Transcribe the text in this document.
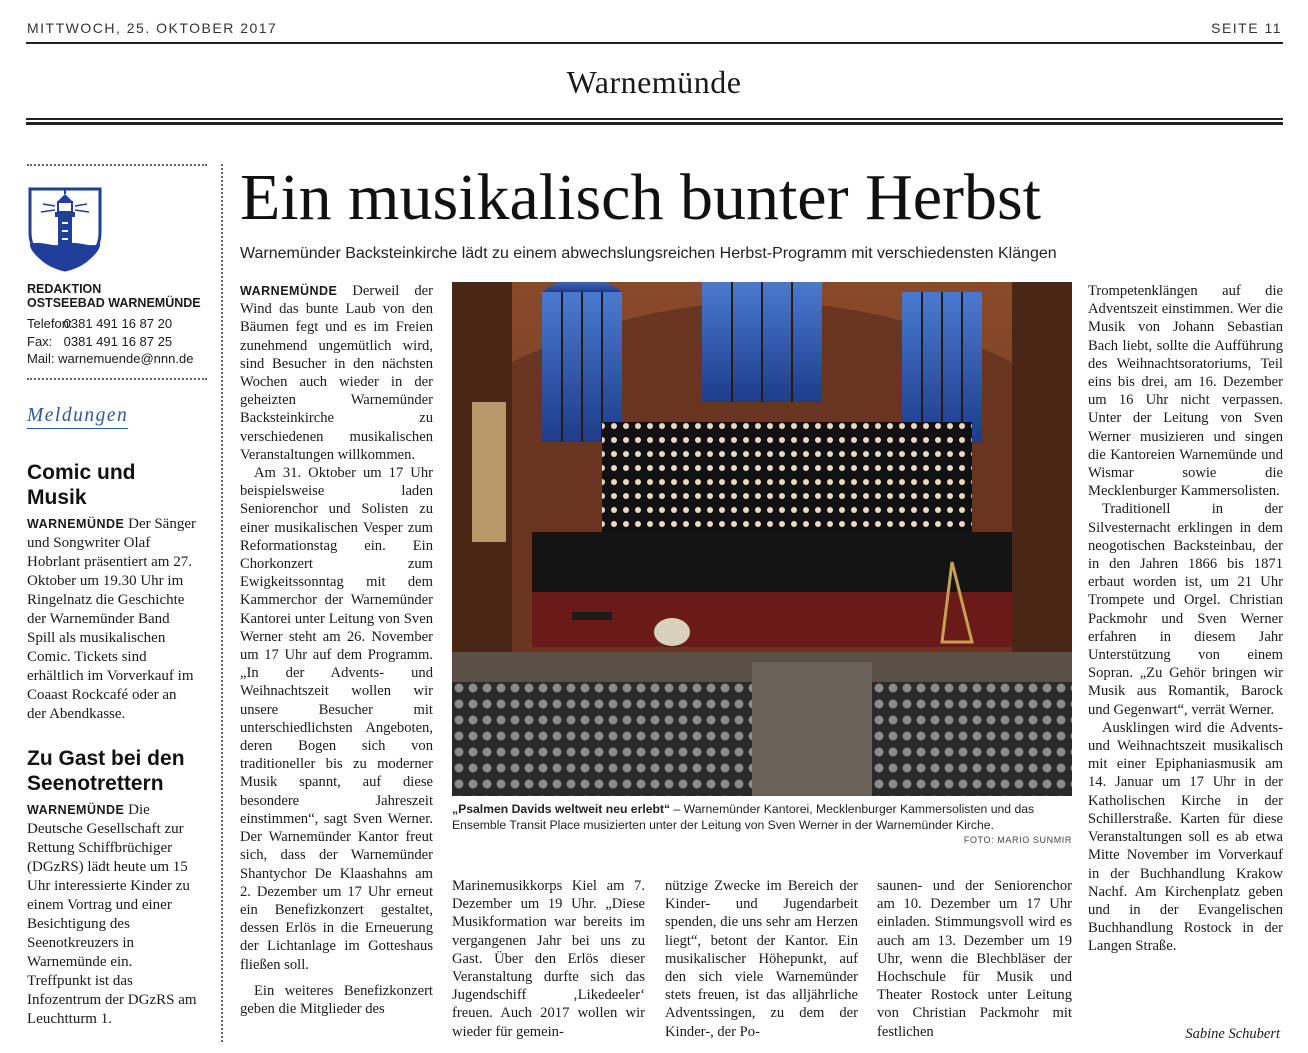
MITTWOCH, 25. OKTOBER 2017	SEITE 11
Warnemünde
REDAKTION
OSTSEEBAD WARNEMÜNDE
Telefon: 0381 491 16 87 20
Fax: 0381 491 16 87 25
Mail: warnemuende@nnn.de
Meldungen
Comic und Musik

WARNEMÜNDE Der Sänger und Songwriter Olaf Hobrlant präsentiert am 27. Oktober um 19.30 Uhr im Ringelnatz die Geschichte der Warnemünder Band Spill als musikalischen Comic. Tickets sind erhältlich im Vorverkauf im Coaast Rockcafé oder an der Abendkasse.

Zu Gast bei den Seenotrettern

WARNEMÜNDE Die Deutsche Gesellschaft zur Rettung Schiffbrüchiger (DGzRS) lädt heute um 15 Uhr interessierte Kinder zu einem Vortrag und einer Besichtigung des Seenotkreuzers in Warnemünde ein. Treffpunkt ist das Infozentrum der DGzRS am Leuchtturm 1.

Ein musikalisch bunter Herbst
Warnemünder Backsteinkirche lädt zu einem abwechslungsreichen Herbst-Programm mit verschiedensten Klängen

WARNEMÜNDE Derweil der Wind das bunte Laub von den Bäumen fegt und es im Freien zunehmend ungemütlich wird, sind Besucher in den nächsten Wochen auch wieder in der geheizten Warnemünder Backsteinkirche zu verschiedenen musikalischen Veranstaltungen willkommen.

Am 31. Oktober um 17 Uhr beispielsweise laden Seniorenchor und Solisten zu einer musikalischen Vesper zum Reformationstag ein. Ein Chorkonzert zum Ewigkeitssonntag mit dem Kammerchor der Warnemünder Kantorei unter Leitung von Sven Werner steht am 26. November um 17 Uhr auf dem Programm. „In der Advents- und Weihnachtszeit wollen wir unsere Besucher mit unterschiedlichsten Angeboten, deren Bogen sich von traditioneller bis zu moderner Musik spannt, auf diese besondere Jahreszeit einstimmen“, sagt Sven Werner. Der Warnemünder Kantor freut sich, dass der Warnemünder Shantychor De Klaashahns am 2. Dezember um 17 Uhr erneut ein Benefizkonzert gestaltet, dessen Erlös in die Erneuerung der Lichtanlage im Gotteshaus fließen soll.

Ein weiteres Benefizkonzert geben die Mitglieder des

„Psalmen Davids weltweit neu erlebt“ – Warnemünder Kantorei, Mecklenburger Kammersolisten und das Ensemble Transit Place musizierten unter der Leitung von Sven Werner in der Warnemünder Kirche.
FOTO: MARIO SUNMIR

Marinemusikkorps Kiel am 7. Dezember um 19 Uhr. „Diese Musikformation war bereits im vergangenen Jahr bei uns zu Gast. Über den Erlös dieser Veranstaltung durfte sich das Jugendschiff ‚Likedeeler‘ freuen. Auch 2017 wollen wir wieder für gemein-

nützige Zwecke im Bereich der Kinder- und Jugendarbeit spenden, die uns sehr am Herzen liegt“, betont der Kantor. Ein musikalischer Höhepunkt, auf den sich viele Warnemünder stets freuen, ist das alljährliche Adventssingen, zu dem der Kinder-, der Po-

saunen- und der Seniorenchor am 10. Dezember um 17 Uhr einladen. Stimmungsvoll wird es auch am 13. Dezember um 19 Uhr, wenn die Blechbläser der Hochschule für Musik und Theater Rostock unter Leitung von Christian Packmohr mit festlichen

Trompetenklängen auf die Adventszeit einstimmen. Wer die Musik von Johann Sebastian Bach liebt, sollte die Aufführung des Weihnachtsoratoriums, Teil eins bis drei, am 16. Dezember um 16 Uhr nicht verpassen. Unter der Leitung von Sven Werner musizieren und singen die Kantoreien Warnemünde und Wismar sowie die Mecklenburger Kammersolisten.

Traditionell in der Silvesternacht erklingen in dem neogotischen Backsteinbau, der in den Jahren 1866 bis 1871 erbaut worden ist, um 21 Uhr Trompete und Orgel. Christian Packmohr und Sven Werner erfahren in diesem Jahr Unterstützung von einem Sopran. „Zu Gehör bringen wir Musik aus Romantik, Barock und Gegenwart“, verrät Werner.

Ausklingen wird die Advents- und Weihnachtszeit musikalisch mit einer Epiphaniasmusik am 14. Januar um 17 Uhr in der Katholischen Kirche in der Schillerstraße. Karten für diese Veranstaltungen soll es ab etwa Mitte November im Vorverkauf in der Buchhandlung Krakow Nachf. Am Kirchenplatz geben und in der Evangelischen Buchhandlung Rostock in der Langen Straße.

Sabine Schubert
